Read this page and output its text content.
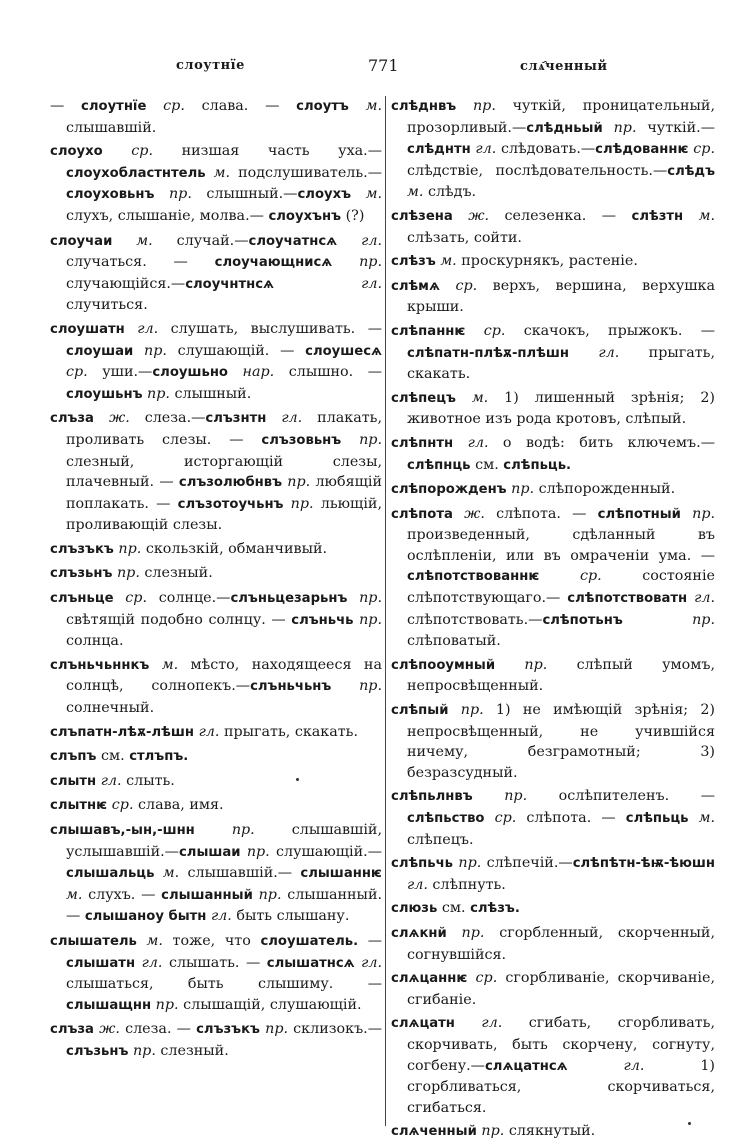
слоутнїе	771	слѧ҄ченный
— слоутнїе ср. слава. — слоутъ м. слышавшій.
слоухо ср. низшая часть уха.—слоухобластнтель м. подслушиватель.— слоуховьнъ пр. слышный.—слоухъ м. слухъ, слышаніе, молва.— слоухънъ (?)
слоучаи м. случай.—слоучатнсѧ гл. случаться. — слоучающнисѧ пр. случающійся.—слоучнтнсѧ	гл. случиться.
слоушатн гл. слушать, выслушивать. — слоушаи пр. слушающій. — слоушесѧ ср. уши.—слоушьно нар. слышно. — слоушьнъ пр. слышный.
слъза ж. слеза.—слъзнтн гл. плакать, проливать слезы. — слъзовьнъ пр. слезный, исторгающій слезы, плачевный. — слъзолюбнвъ пр. любящій поплакать. — слъзотоучьнъ пр. льющій, проливающій слезы.
слъзъкъ пр. скользкій, обманчивый.
слъзьнъ пр. слезный.
слъньце ср. солнце.—слъньцезарьнъ пр. свѣтящій подобно солнцу. — слъньчь пр. солнца.
слъньчьннкъ м. мѣсто, находящееся на солнцѣ, солнопекъ.—слъньчьнъ пр. солнечный.
слъпатн-лѣѫ-лѣшн гл. прыгать, скакать.
слъпъ см. стлъпъ.
слытн гл. слыть.
слытнѥ ср. слава, имя.
слышавъ,-ын,-шнн	пр. слышавшій, услышавшій.—слышаи пр. слушающій.—слышальць м. слышавшій.— слышаннѥ м. слухъ. — слышанный пр. слышанный. — слышаноу бытн гл. быть слышану.
слышатель м. тоже, что слоушатель. —слышатн гл. слышать. — слышатнсѧ гл. слышаться, быть слышиму. — слышащнн пр. слышащій, слушающій.
слъза ж. слеза. — слъзъкъ пр. склизокъ.— слъзьнъ пр. слезный.
слѣднвъ пр. чуткій, проницательный, прозорливый.—слѣдньый пр. чуткій.—слѣднтн гл. слѣдовать.—слѣдованнѥ ср. слѣдствіе, послѣдовательность.—слѣдъ м. слѣдъ.
слѣзена ж. селезенка. — слѣзтн м. слѣзать, сойти.
слѣзъ м. проскурнякъ, растеніе.
слѣмѧ ср. верхъ, вершина, верхушка крыши.
слѣпаннѥ ср. скачокъ, прыжокъ. — слѣпатн-плѣѫ-плѣшн гл. прыгать, скакать.
слѣпецъ м. 1) лишенный зрѣнія; 2) животное изъ рода кротовъ, слѣпый.
слѣпнтн гл. о водѣ: бить ключемъ.— слѣпнць см. слѣпьць.
слѣпорожденъ пр. слѣпорожденный.
слѣпота ж. слѣпота. — слѣпотный пр. произведенный, сдѣланный въ ослѣпленіи, или въ омраченіи ума. — слѣпотствованнѥ	ср. состояніе слѣпотствующаго.— слѣпотствоватн гл. слѣпотствовать.—слѣпотьнъ	пр. слѣповатый.
слѣпооумный пр. слѣпый умомъ, непросвѣщенный.
слѣпый пр. 1) не имѣющій зрѣнія; 2) непросвѣщенный, не учившійся ничему, безграмотный; 3) безразсудный.
слѣпьлнвъ пр. ослѣпителенъ. — слѣпьство ср. слѣпота. — слѣпьць м. слѣпецъ.
слѣпьчь пр. слѣпечій.—слѣпѣтн-ѣѭ-ѣюшн гл. слѣпнуть.
слюзь см. слѣзъ.
слѧкнй пр. сгорбленный, скорченный, согнувшійся.
слѧцаннѥ ср. сгорбливаніе, скорчиваніе, сгибаніе.
слѧцатн гл. сгибать, сгорбливать, скорчивать, быть скорчену, согнуту, согбену.—слѧцатнсѧ	гл. 1) сгорбливаться, скорчиваться, сгибаться.
слѧченный пр. слякнутый.
